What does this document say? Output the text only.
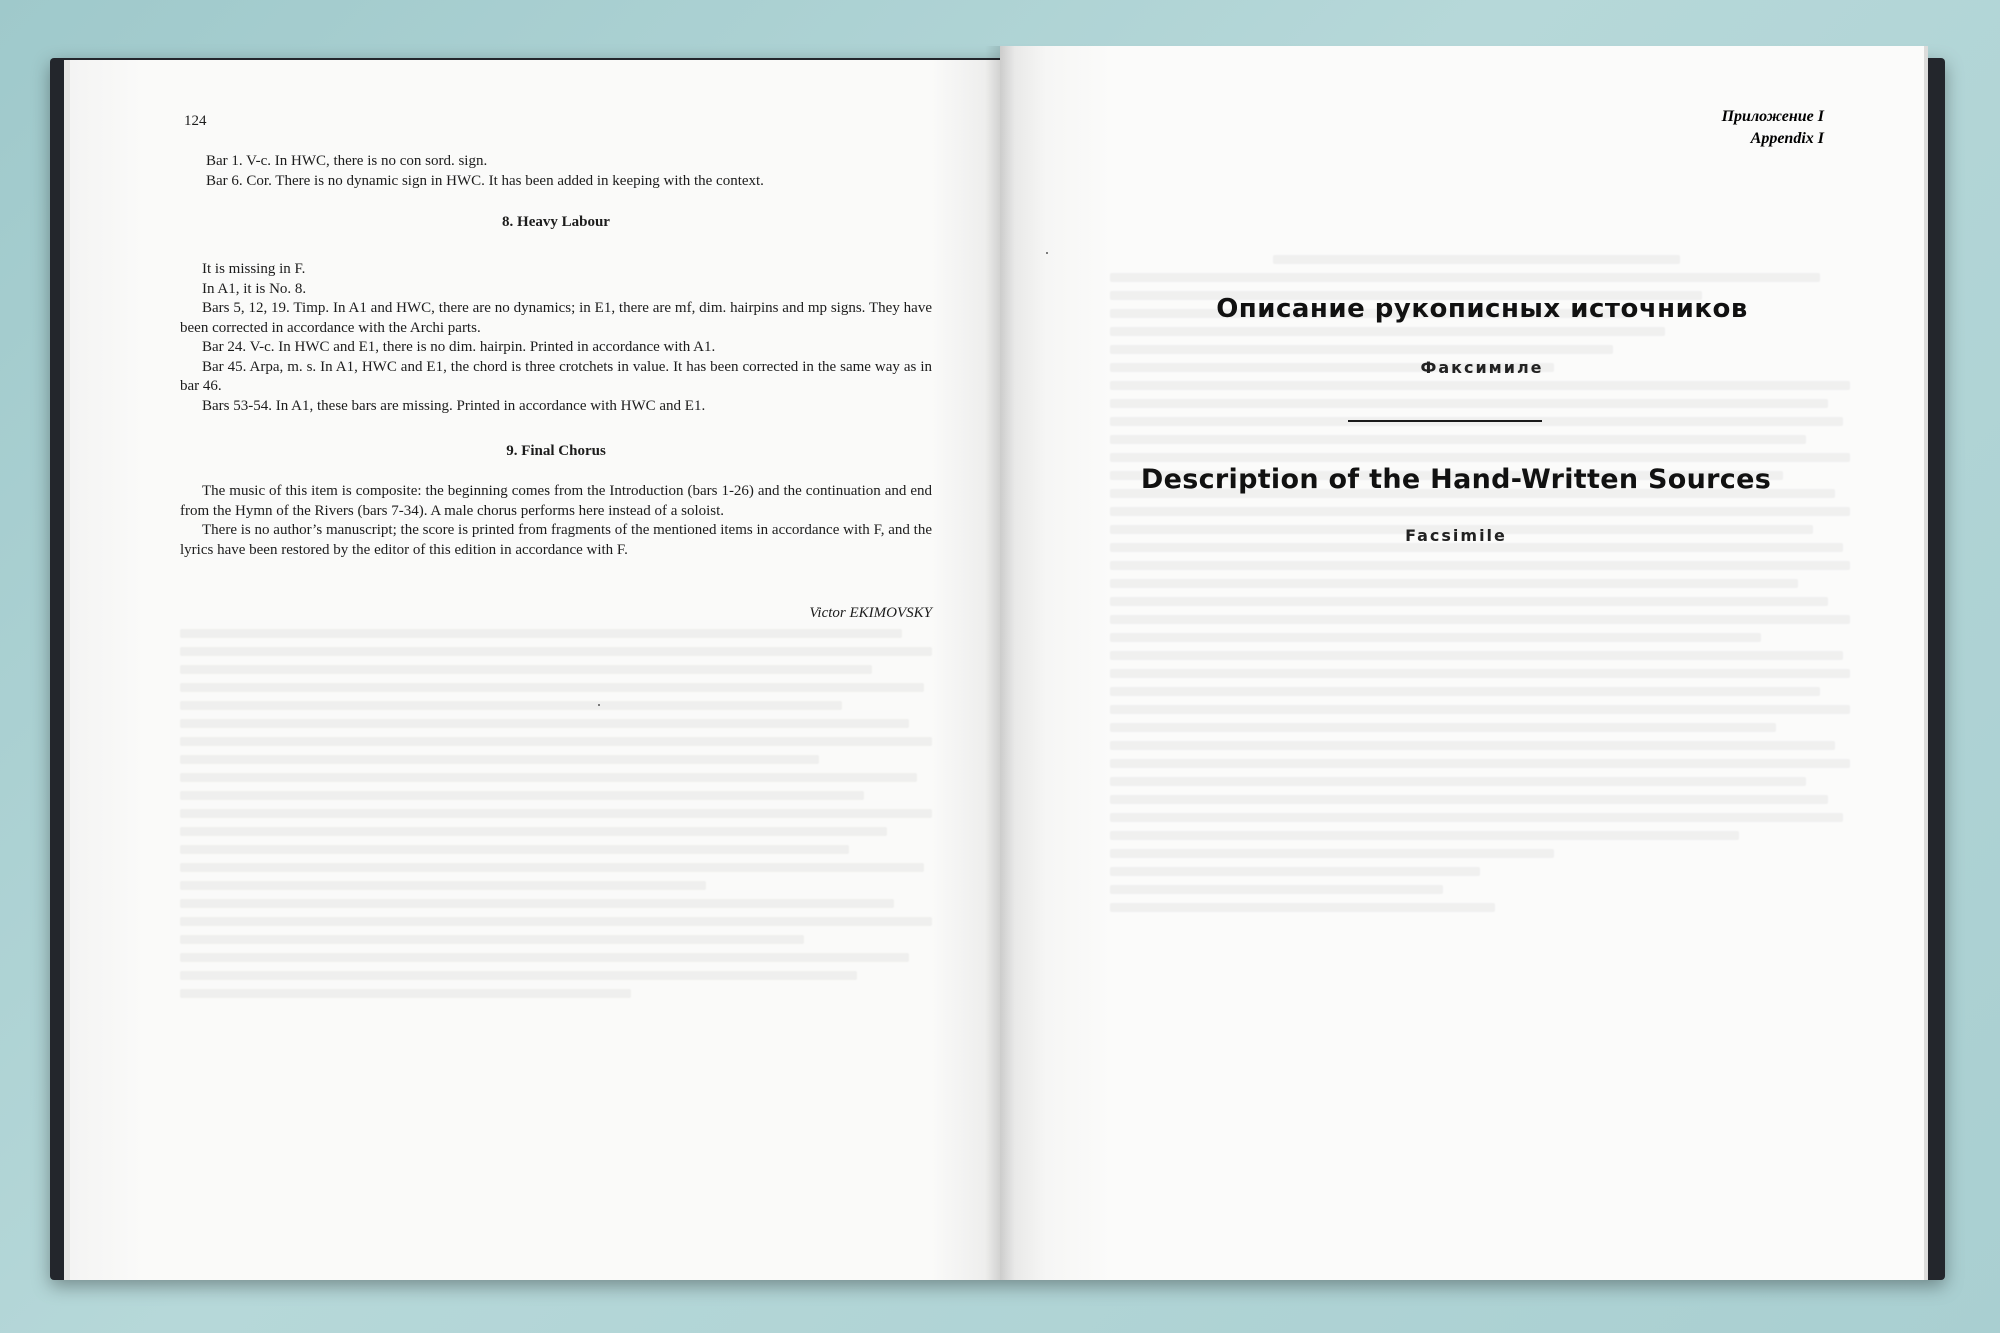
124

Bar 1. V-c. In HWC, there is no con sord. sign.

Bar 6. Cor. There is no dynamic sign in HWC. It has been added in keeping with the context.

8. Heavy Labour

It is missing in F.

In A1, it is No. 8.

Bars 5, 12, 19. Timp. In A1 and HWC, there are no dynamics; in E1, there are mf, dim. hairpins and mp signs. They have been corrected in accordance with the Archi parts.

Bar 24. V-c. In HWC and E1, there is no dim. hairpin. Printed in accordance with A1.

Bar 45. Arpa, m. s. In A1, HWC and E1, the chord is three crotchets in value. It has been corrected in the same way as in bar 46.

Bars 53-54. In A1, these bars are missing. Printed in accordance with HWC and E1.

9. Final Chorus

The music of this item is composite: the beginning comes from the Introduction (bars 1-26) and the continuation and end from the Hymn of the Rivers (bars 7-34). A male chorus performs here instead of a soloist.

There is no author’s manuscript; the score is printed from fragments of the mentioned items in accordance with F, and the lyrics have been restored by the editor of this edition in accordance with F.

Victor EKIMOVSKY
Приложение I
Appendix I
Описание рукописных источников
Факсимиле
Description of the Hand-Written Sources
Facsimile
